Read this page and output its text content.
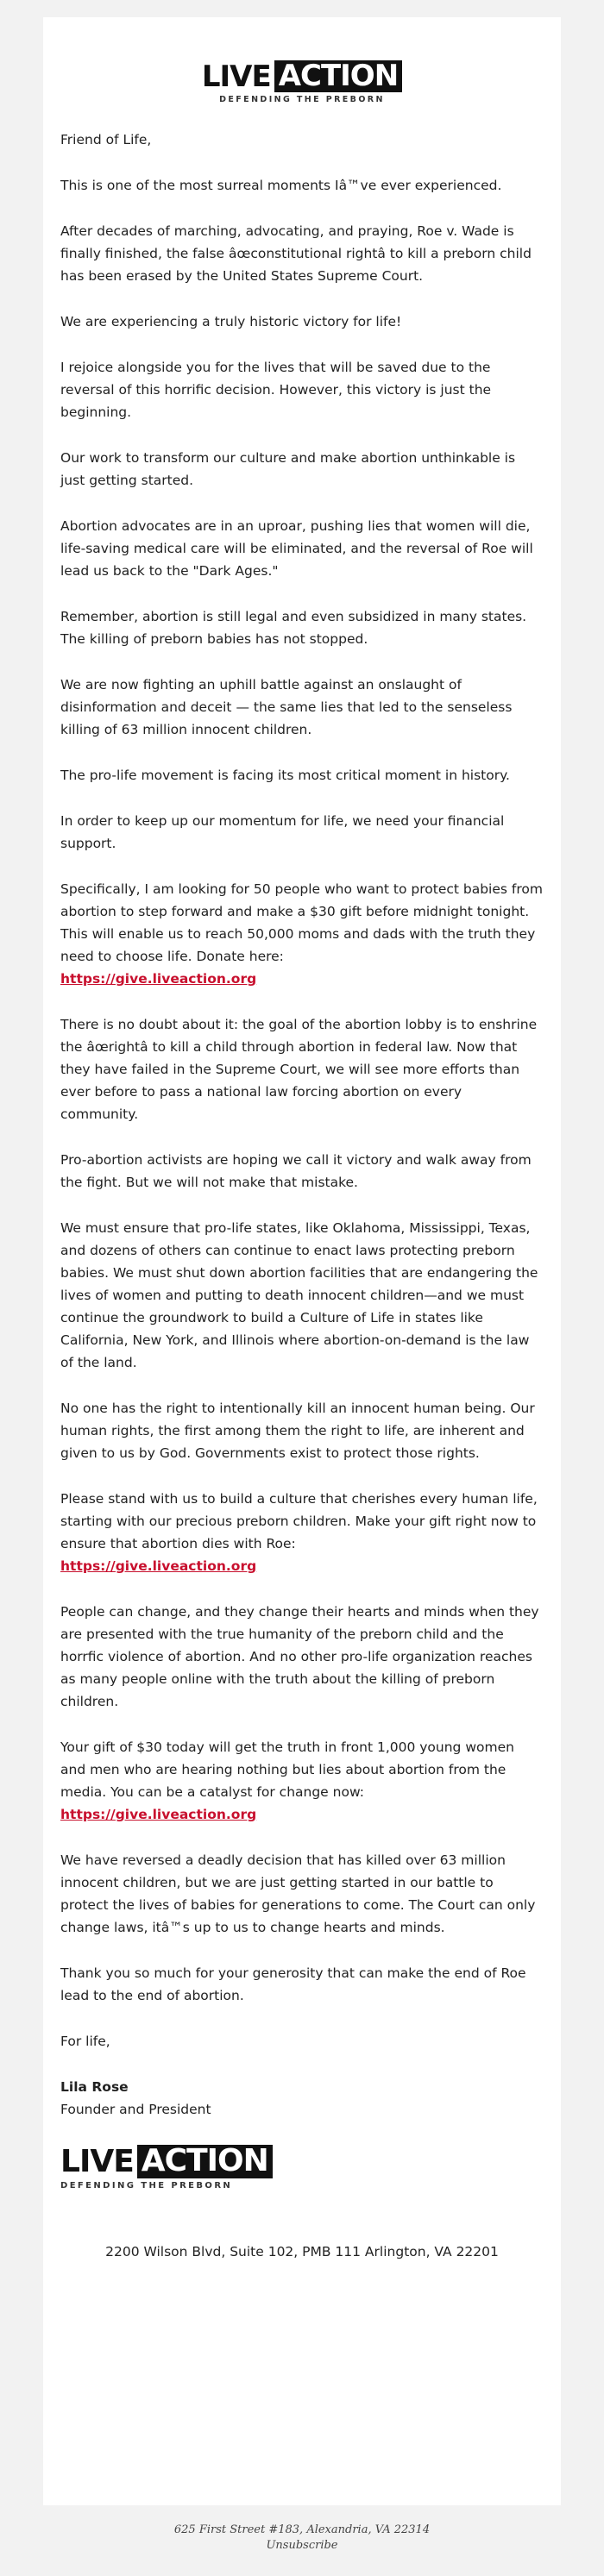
LIVE ACTION
DEFENDING THE PREBORN

Friend of Life,

This is one of the most surreal moments Iâ™ve ever experienced.

After decades of marching, advocating, and praying, Roe v. Wade is finally finished, the false âœconstitutional rightâ to kill a preborn child has been erased by the United States Supreme Court.

We are experiencing a truly historic victory for life!

I rejoice alongside you for the lives that will be saved due to the reversal of this horrific decision. However, this victory is just the beginning.

Our work to transform our culture and make abortion unthinkable is just getting started.

Abortion advocates are in an uproar, pushing lies that women will die, life-saving medical care will be eliminated, and the reversal of Roe will lead us back to the "Dark Ages."

Remember, abortion is still legal and even subsidized in many states. The killing of preborn babies has not stopped.

We are now fighting an uphill battle against an onslaught of disinformation and deceit — the same lies that led to the senseless killing of 63 million innocent children.

The pro-life movement is facing its most critical moment in history.

In order to keep up our momentum for life, we need your financial support.

Specifically, I am looking for 50 people who want to protect babies from abortion to step forward and make a $30 gift before midnight tonight. This will enable us to reach 50,000 moms and dads with the truth they need to choose life. Donate here:
https://give.liveaction.org

There is no doubt about it: the goal of the abortion lobby is to enshrine the âœrightâ to kill a child through abortion in federal law. Now that they have failed in the Supreme Court, we will see more efforts than ever before to pass a national law forcing abortion on every community.

Pro-abortion activists are hoping we call it victory and walk away from the fight. But we will not make that mistake.

We must ensure that pro-life states, like Oklahoma, Mississippi, Texas, and dozens of others can continue to enact laws protecting preborn babies. We must shut down abortion facilities that are endangering the lives of women and putting to death innocent children—and we must continue the groundwork to build a Culture of Life in states like California, New York, and Illinois where abortion-on-demand is the law of the land.

No one has the right to intentionally kill an innocent human being. Our human rights, the first among them the right to life, are inherent and given to us by God. Governments exist to protect those rights.

Please stand with us to build a culture that cherishes every human life, starting with our precious preborn children. Make your gift right now to ensure that abortion dies with Roe:
https://give.liveaction.org

People can change, and they change their hearts and minds when they are presented with the true humanity of the preborn child and the horrfic violence of abortion. And no other pro-life organization reaches as many people online with the truth about the killing of preborn children.

Your gift of $30 today will get the truth in front 1,000 young women and men who are hearing nothing but lies about abortion from the media. You can be a catalyst for change now:
https://give.liveaction.org

We have reversed a deadly decision that has killed over 63 million innocent children, but we are just getting started in our battle to protect the lives of babies for generations to come. The Court can only change laws, itâ™s up to us to change hearts and minds.

Thank you so much for your generosity that can make the end of Roe lead to the end of abortion.

For life,

Lila Rose
Founder and President

LIVE ACTION
DEFENDING THE PREBORN
2200 Wilson Blvd, Suite 102, PMB 111 Arlington, VA 22201
625 First Street #183, Alexandria, VA 22314
Unsubscribe
